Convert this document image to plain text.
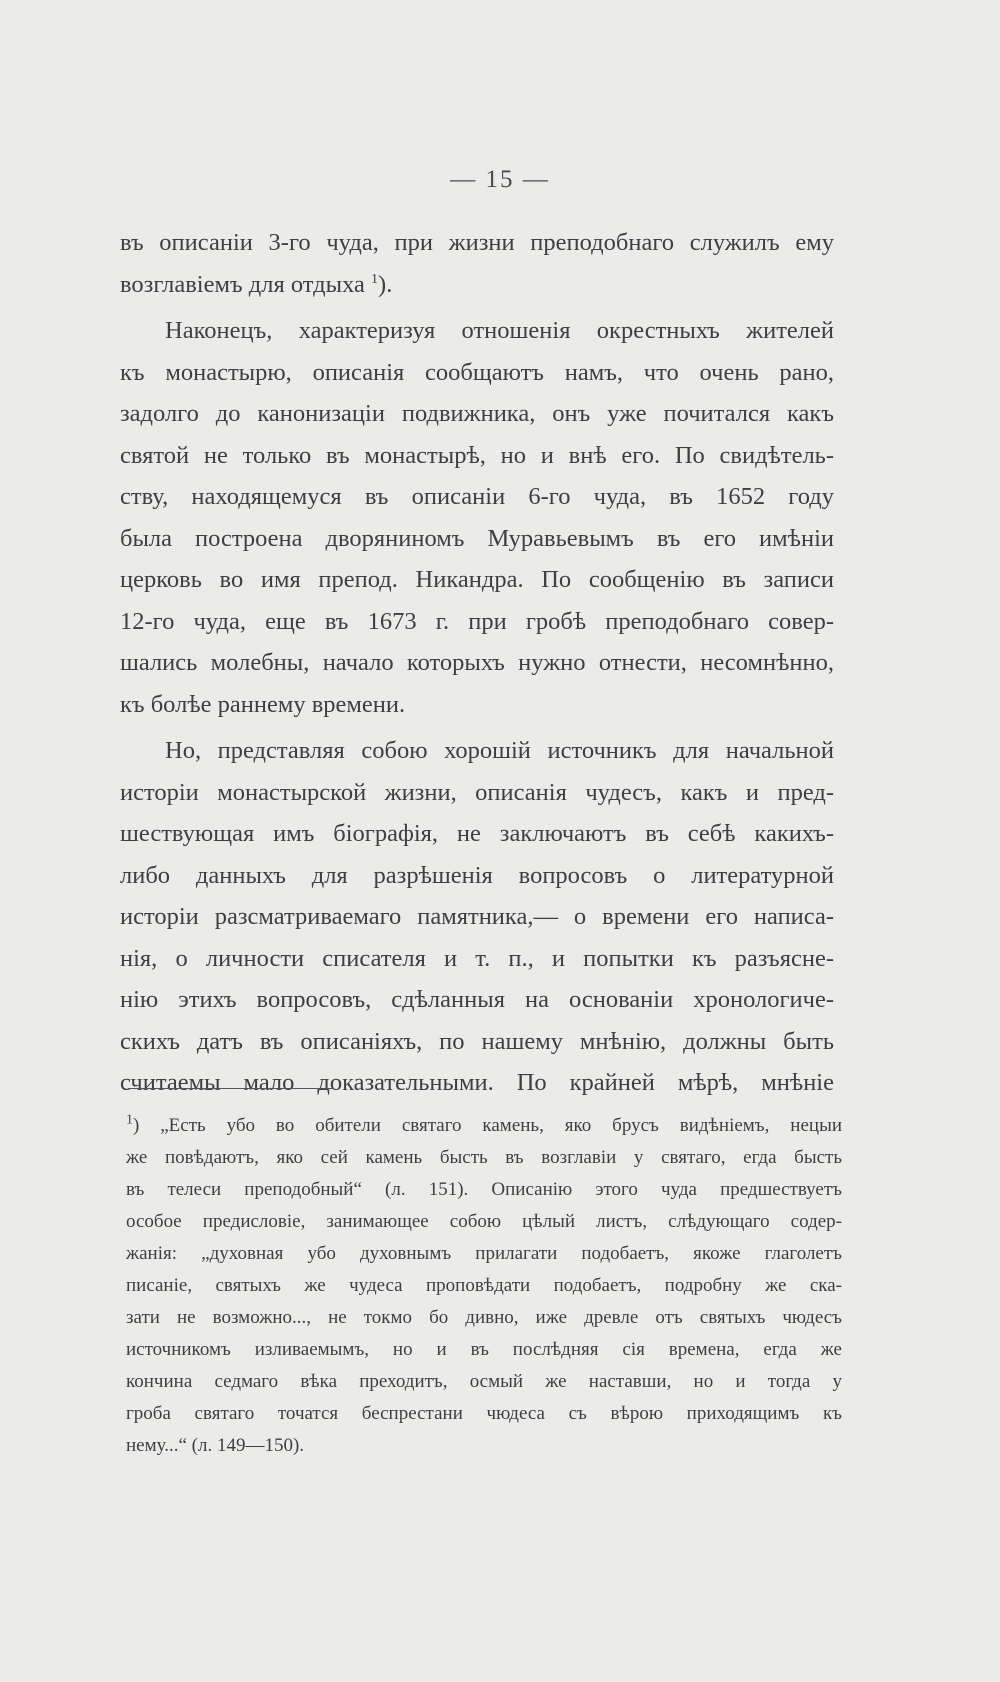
— 15 —
въ описаніи 3-го чуда, при жизни преподобнаго служилъ ему
возглавіемъ для отдыха $^1$).
Наконецъ, характеризуя отношенія окрестныхъ жителей
къ монастырю, описанія сообщаютъ намъ, что очень рано,
задолго до канонизаціи подвижника, онъ уже почитался какъ
святой не только въ монастырѣ, но и внѣ его. По свидѣтель-
ству, находящемуся въ описаніи 6-го чуда, въ 1652 году
была построена дворяниномъ Муравьевымъ въ его имѣніи
церковь во имя препод. Никандра. По сообщенію въ записи
12-го чуда, еще въ 1673 г. при гробѣ преподобнаго совер-
шались молебны, начало которыхъ нужно отнести, несомнѣнно,
къ болѣе раннему времени.
Но, представляя собою хорошій источникъ для начальной
исторіи монастырской жизни, описанія чудесъ, какъ и пред-
шествующая имъ біографія, не заключаютъ въ себѣ какихъ-
либо данныхъ для разрѣшенія вопросовъ о литературной
исторіи разсматриваемаго памятника,— о времени его написа-
нія, о личности списателя и т. п., и попытки къ разъясне-
нію этихъ вопросовъ, сдѣланныя на основаніи хронологиче-
скихъ датъ въ описаніяхъ, по нашему мнѣнію, должны быть
считаемы мало доказательными. По крайней мѣрѣ, мнѣніе
$^1$) „Есть убо во обители святаго камень, яко брусъ видѣніемъ, нецыи
же повѣдаютъ, яко сей камень бысть въ возглавіи у святаго, егда бысть
въ телеси преподобный“ (л. 151). Описанію этого чуда предшествуетъ
особое предисловіе, занимающее собою цѣлый листъ, слѣдующаго содер-
жанія: „духовная убо духовнымъ прилагати подобаетъ, якоже глаголетъ
писаніе, святыхъ же чудеса проповѣдати подобаетъ, подробну же ска-
зати не возможно..., не токмо бо дивно, иже древле отъ святыхъ чюдесъ
источникомъ изливаемымъ, но и въ послѣдняя сія времена, егда же
кончина седмаго вѣка преходитъ, осмый же наставши, но и тогда у
гроба святаго точатся беспрестани чюдеса съ вѣрою приходящимъ къ
нему...“ (л. 149—150).
